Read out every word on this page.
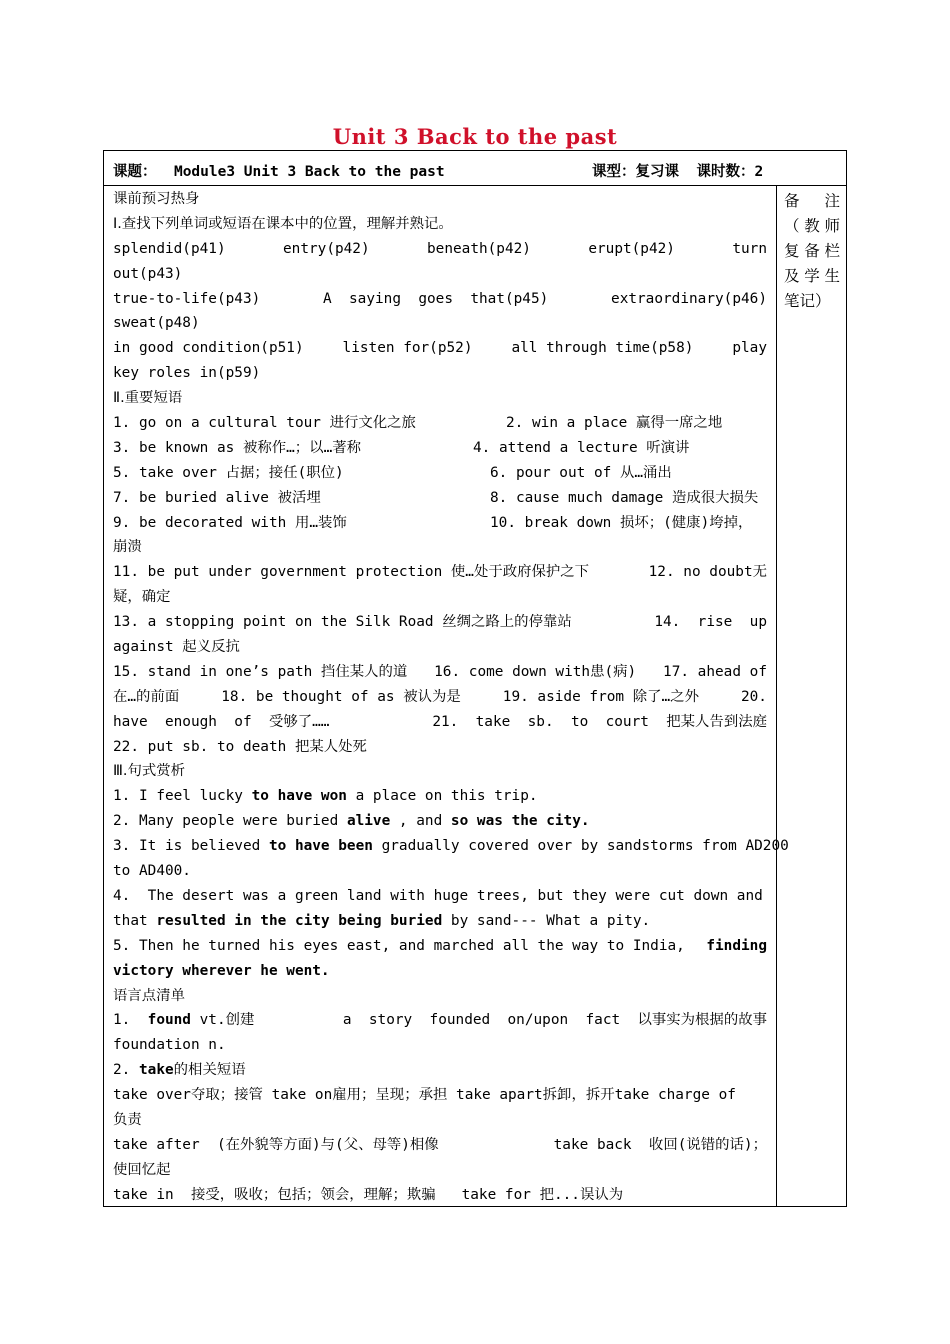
Unit 3 Back to the past
课题：  Module3 Unit 3 Back to the past	课型：复习课  课时数：2
备注（教师复备栏及学生笔记）
课前预习热身
Ⅰ.查找下列单词或短语在课本中的位置，理解并熟记。
splendid(p41)	entry(p42)	beneath(p42)	erupt(p42)	turn
out(p43)
true-to-life(p43)	A  saying  goes  that(p45)	extraordinary(p46)
sweat(p48)
in good condition(p51)	listen for(p52)	all through time(p58)	play
key roles in(p59)
Ⅱ.重要短语
1. go on a cultural tour 进行文化之旅	2. win a place 赢得一席之地
3. be known as 被称作…；以…著称	4. attend a lecture 听演讲
5. take over 占据；接任(职位)	6. pour out of 从…涌出
7. be buried alive 被活埋	8. cause much damage 造成很大损失
9. be decorated with 用…装饰	10. break down 损坏；(健康)垮掉，
崩溃
11. be put under government protection 使…处于政府保护之下	12. no doubt无
疑，确定
13. a stopping point on the Silk Road 丝绸之路上的停靠站	14.  rise  up
against 起义反抗
15. stand in one’s path 挡住某人的道 16. come down with患(病) 17. ahead of
在…的前面	18. be thought of as 被认为是	19. aside from 除了…之外	20.
have  enough  of  受够了……	21.  take  sb.  to  court  把某人告到法庭
22. put sb. to death 把某人处死
Ⅲ.句式赏析
1. I feel lucky to have won a place on this trip.
2. Many people were buried alive , and so was the city.
3. It is believed to have been gradually covered over by sandstorms from AD200
to AD400.
4.  The desert was a green land with huge trees, but they were cut down and
that resulted in the city being buried by sand--- What a pity.
5. Then he turned his eyes east, and marched all the way to India, finding
victory wherever he went.
语言点清单
1.  found vt.创建	a  story  founded  on/upon  fact  以事实为根据的故事
foundation n.
2. take的相关短语
take over夺取；接管 take on雇用；呈现；承担 take apart拆卸，拆开take charge of
负责
take after  (在外貌等方面)与(父、母等)相像	take back  收回(说错的话)；
使回忆起
take in  接受，吸收；包括；领会，理解；欺骗   take for 把...误认为
